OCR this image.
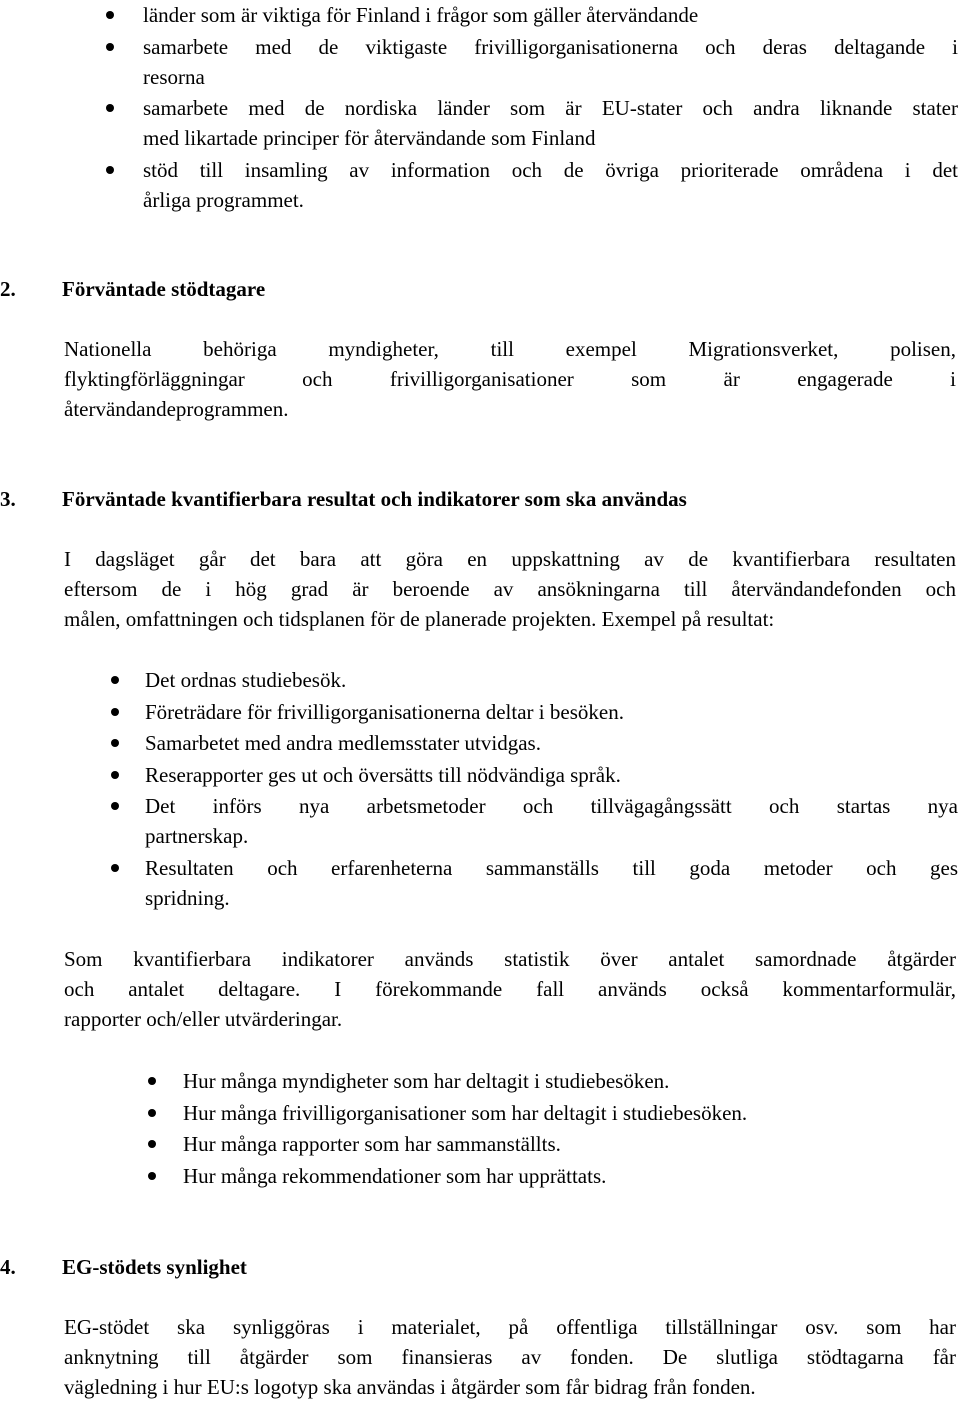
länder som är viktiga för Finland i frågor som gäller återvändande
samarbete med de viktigaste frivilligorganisationerna och deras deltagande i
resorna
samarbete med de nordiska länder som är EU-stater och andra liknande stater
med likartade principer för återvändande som Finland
stöd till insamling av information och de övriga prioriterade områdena i det
årliga programmet.
2. Förväntade stödtagare

Nationella behöriga myndigheter, till exempel Migrationsverket, polisen,
flyktingförläggningar och frivilligorganisationer som är engagerade i
återvändandeprogrammen.

3. Förväntade kvantifierbara resultat och indikatorer som ska användas

I dagsläget går det bara att göra en uppskattning av de kvantifierbara resultaten
eftersom de i hög grad är beroende av ansökningarna till återvändandefonden och
målen, omfattningen och tidsplanen för de planerade projekten. Exempel på resultat:

Det ordnas studiebesök.
Företrädare för frivilligorganisationerna deltar i besöken.
Samarbetet med andra medlemsstater utvidgas.
Reserapporter ges ut och översätts till nödvändiga språk.
Det införs nya arbetsmetoder och tillvägagångssätt och startas nya
partnerskap.
Resultaten och erfarenheterna sammanställs till goda metoder och ges
spridning.

Som kvantifierbara indikatorer används statistik över antalet samordnade åtgärder
och antalet deltagare. I förekommande fall används också kommentarformulär,
rapporter och/eller utvärderingar.

Hur många myndigheter som har deltagit i studiebesöken.
Hur många frivilligorganisationer som har deltagit i studiebesöken.
Hur många rapporter som har sammanställts.
Hur många rekommendationer som har upprättats.
4. EG-stödets synlighet

EG-stödet ska synliggöras i materialet, på offentliga tillställningar osv. som har
anknytning till åtgärder som finansieras av fonden. De slutliga stödtagarna får
vägledning i hur EU:s logotyp ska användas i åtgärder som får bidrag från fonden.
